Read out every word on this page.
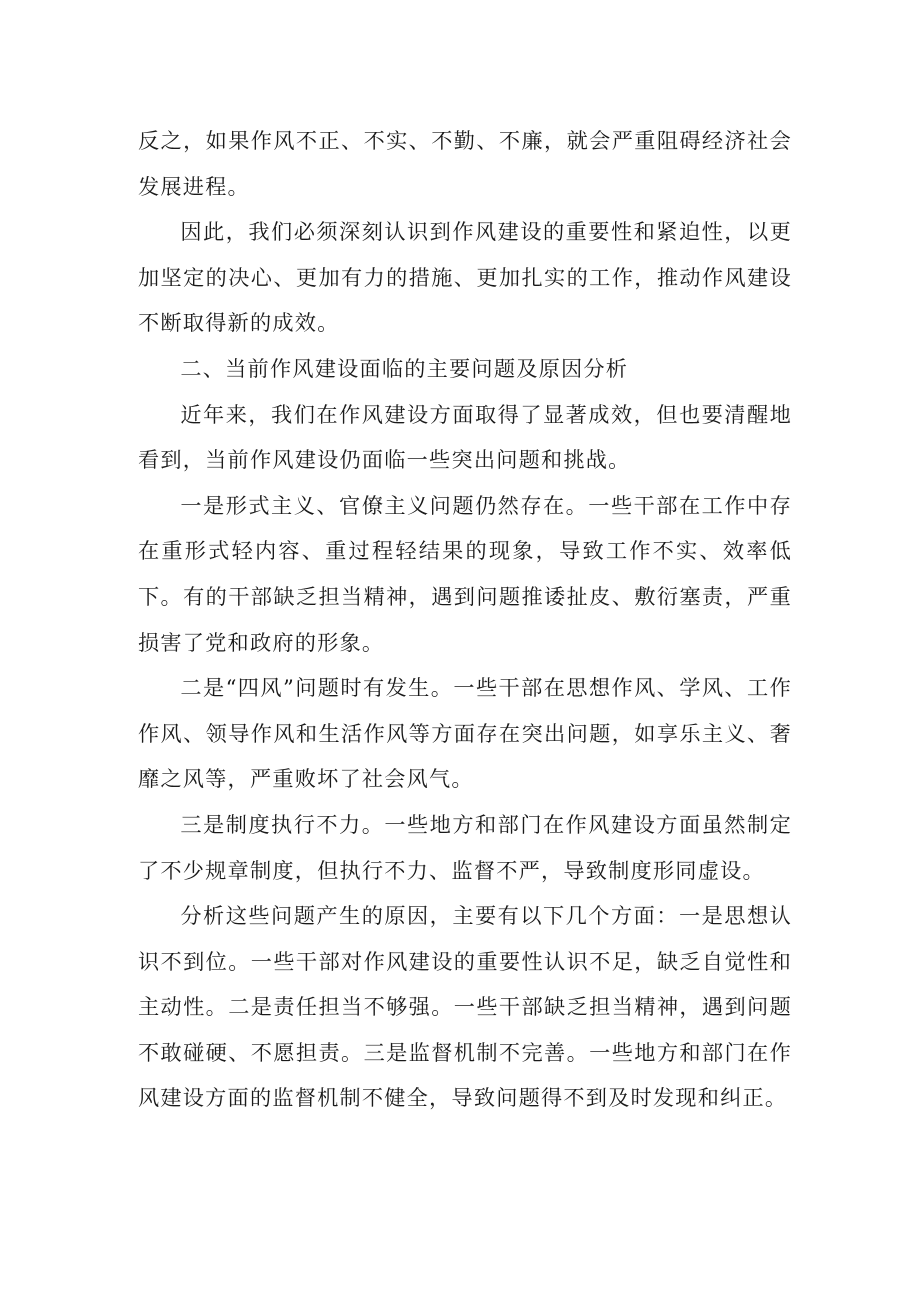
反之，如果作风不正、不实、不勤、不廉，就会严重阻碍经济社会发展进程。

因此，我们必须深刻认识到作风建设的重要性和紧迫性，以更加坚定的决心、更加有力的措施、更加扎实的工作，推动作风建设不断取得新的成效。

二、当前作风建设面临的主要问题及原因分析

近年来，我们在作风建设方面取得了显著成效，但也要清醒地看到，当前作风建设仍面临一些突出问题和挑战。

一是形式主义、官僚主义问题仍然存在。一些干部在工作中存在重形式轻内容、重过程轻结果的现象，导致工作不实、效率低下。有的干部缺乏担当精神，遇到问题推诿扯皮、敷衍塞责，严重损害了党和政府的形象。

二是“四风”问题时有发生。一些干部在思想作风、学风、工作作风、领导作风和生活作风等方面存在突出问题，如享乐主义、奢靡之风等，严重败坏了社会风气。

三是制度执行不力。一些地方和部门在作风建设方面虽然制定了不少规章制度，但执行不力、监督不严，导致制度形同虚设。

分析这些问题产生的原因，主要有以下几个方面：一是思想认识不到位。一些干部对作风建设的重要性认识不足，缺乏自觉性和主动性。二是责任担当不够强。一些干部缺乏担当精神，遇到问题不敢碰硬、不愿担责。三是监督机制不完善。一些地方和部门在作风建设方面的监督机制不健全，导致问题得不到及时发现和纠正。
